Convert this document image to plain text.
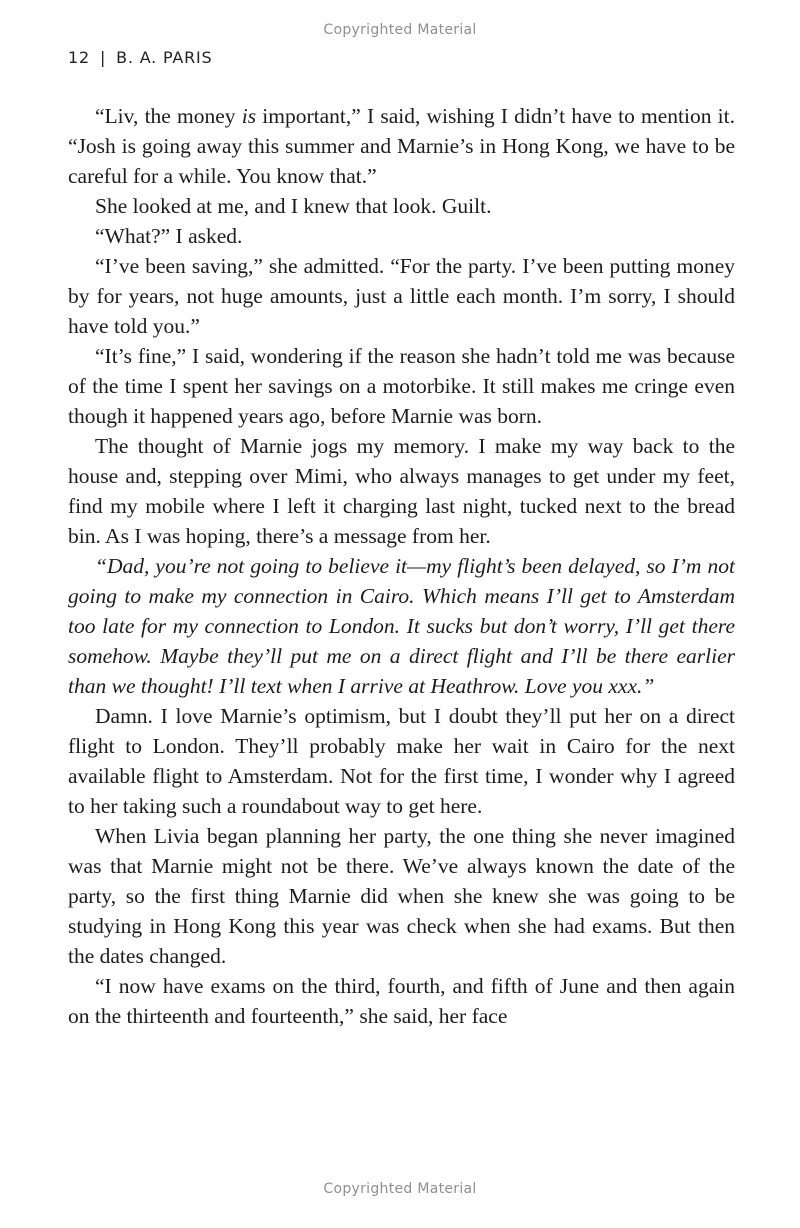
Copyrighted Material
12 | B. A. PARIS

“Liv, the money is important,” I said, wishing I didn’t have to mention it. “Josh is going away this summer and Marnie’s in Hong Kong, we have to be careful for a while. You know that.”

She looked at me, and I knew that look. Guilt.

“What?” I asked.

“I’ve been saving,” she admitted. “For the party. I’ve been putting money by for years, not huge amounts, just a little each month. I’m sorry, I should have told you.”

“It’s fine,” I said, wondering if the reason she hadn’t told me was because of the time I spent her savings on a motorbike. It still makes me cringe even though it happened years ago, before Marnie was born.

The thought of Marnie jogs my memory. I make my way back to the house and, stepping over Mimi, who always manages to get under my feet, find my mobile where I left it charging last night, tucked next to the bread bin. As I was hoping, there’s a message from her.

“Dad, you’re not going to believe it—my flight’s been delayed, so I’m not going to make my connection in Cairo. Which means I’ll get to Amsterdam too late for my connection to London. It sucks but don’t worry, I’ll get there somehow. Maybe they’ll put me on a direct flight and I’ll be there earlier than we thought! I’ll text when I arrive at Heathrow. Love you xxx.”

Damn. I love Marnie’s optimism, but I doubt they’ll put her on a direct flight to London. They’ll probably make her wait in Cairo for the next available flight to Amsterdam. Not for the first time, I wonder why I agreed to her taking such a roundabout way to get here.

When Livia began planning her party, the one thing she never imagined was that Marnie might not be there. We’ve always known the date of the party, so the first thing Marnie did when she knew she was going to be studying in Hong Kong this year was check when she had exams. But then the dates changed.

“I now have exams on the third, fourth, and fifth of June and then again on the thirteenth and fourteenth,” she said, her face

Copyrighted Material
